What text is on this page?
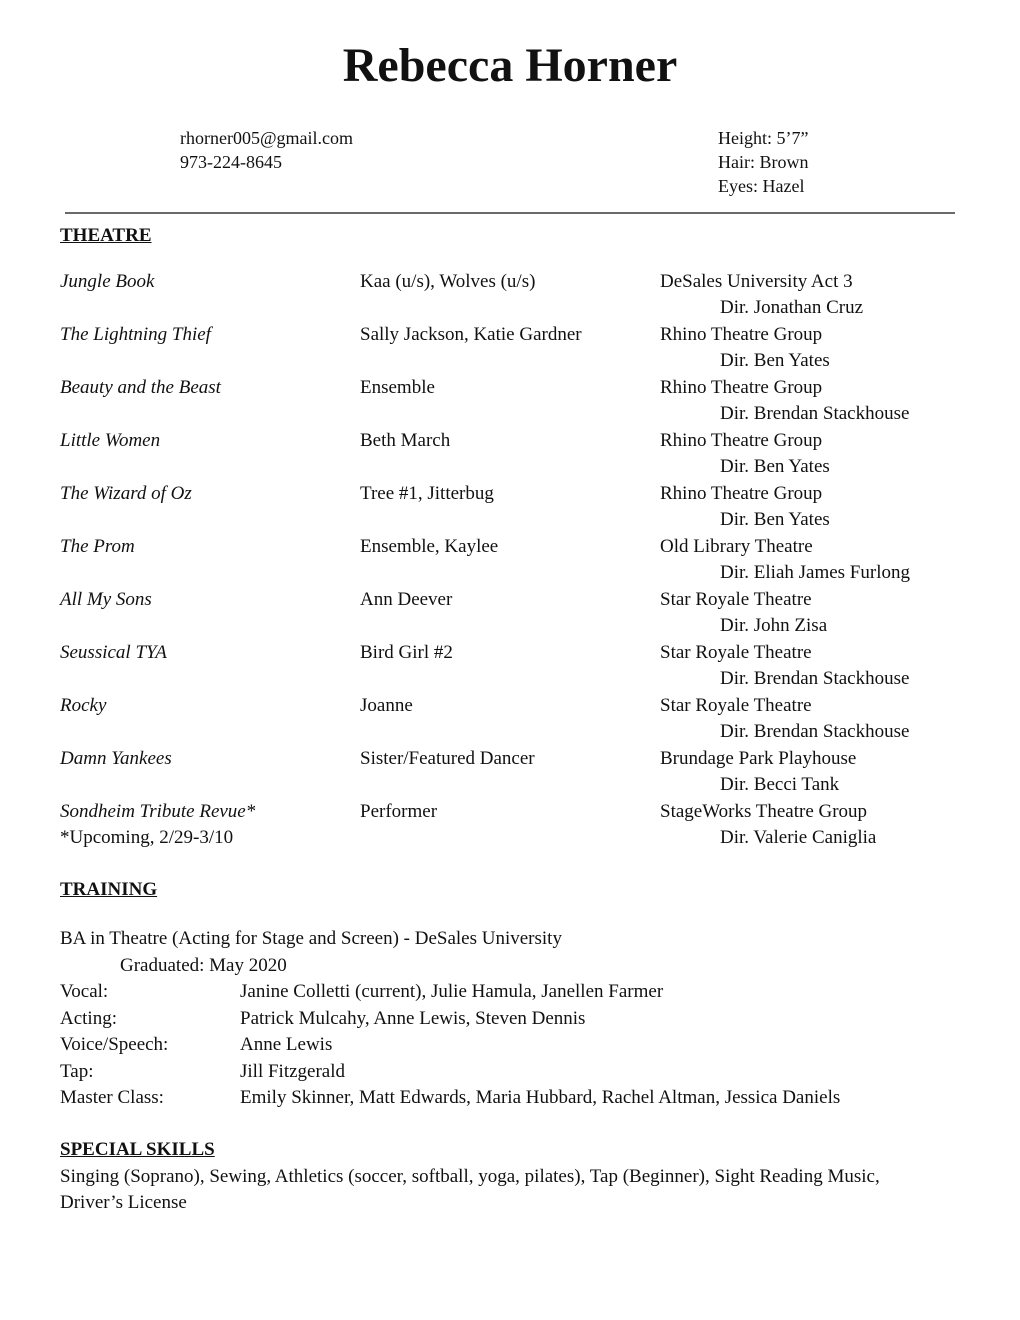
Rebecca Horner
rhorner005@gmail.com
973-224-8645
Height: 5’7”
Hair: Brown
Eyes: Hazel
THEATRE
Jungle Book	Kaa (u/s), Wolves (u/s)	DeSales University Act 3
Dir. Jonathan Cruz
The Lightning Thief	Sally Jackson, Katie Gardner	Rhino Theatre Group
Dir. Ben Yates
Beauty and the Beast	Ensemble	Rhino Theatre Group
Dir. Brendan Stackhouse
Little Women	Beth March	Rhino Theatre Group
Dir. Ben Yates
The Wizard of Oz	Tree #1, Jitterbug	Rhino Theatre Group
Dir. Ben Yates
The Prom	Ensemble, Kaylee	Old Library Theatre
Dir. Eliah James Furlong
All My Sons	Ann Deever	Star Royale Theatre
Dir. John Zisa
Seussical TYA	Bird Girl #2	Star Royale Theatre
Dir. Brendan Stackhouse
Rocky	Joanne	Star Royale Theatre
Dir. Brendan Stackhouse
Damn Yankees	Sister/Featured Dancer	Brundage Park Playhouse
Dir. Becci Tank
Sondheim Tribute Revue*	Performer	StageWorks Theatre Group
Dir. Valerie Caniglia
*Upcoming, 2/29-3/10
TRAINING
BA in Theatre (Acting for Stage and Screen) - DeSales University
Graduated: May 2020
Vocal:	Janine Colletti (current), Julie Hamula, Janellen Farmer
Acting:	Patrick Mulcahy, Anne Lewis, Steven Dennis
Voice/Speech:	Anne Lewis
Tap:	Jill Fitzgerald
Master Class:	Emily Skinner, Matt Edwards, Maria Hubbard, Rachel Altman, Jessica Daniels
SPECIAL SKILLS
Singing (Soprano), Sewing, Athletics (soccer, softball, yoga, pilates), Tap (Beginner), Sight Reading Music, Driver’s License
